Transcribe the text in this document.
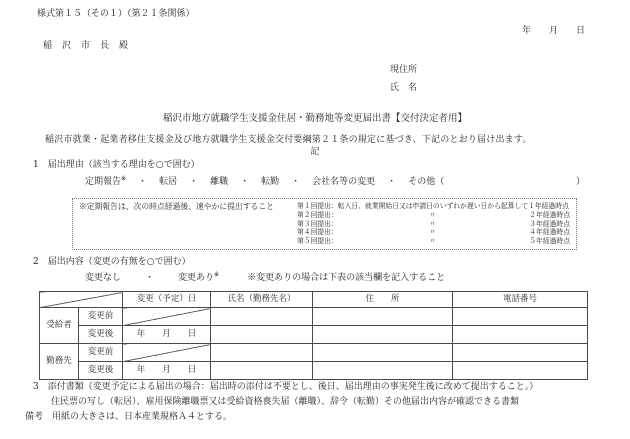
様式第１５（その１）（第２１条関係）
年　　月　　日
稲　沢　市　長　殿
現住所
氏　名
稲沢市地方就職学生支援金住居・勤務地等変更届出書【交付決定者用】
稲沢市就業・起業者移住支援金及び地方就職学生支援金交付要綱第２１条の規定に基づき、下記のとおり届け出ます。
記
1　届出理由（該当する理由を○で囲む）
定期報告※ ・ 転居 ・ 離職 ・ 転勤 ・ 会社名等の変更 ・ その他（	）
※定期報告は、次の時点経過後、速やかに提出すること	第１回提出：転入日、就業開始日又は申請日のいずれか遅い日から起算して１年経過時点
第２回提出：	〃	２年経過時点
第３回提出：	〃	３年経過時点
第４回提出：	〃	４年経過時点
第５回提出：	〃	５年経過時点
2　届出内容（変更の有無を○で囲む）
変更なし	・	変更あり※	※変更ありの場合は下表の該当欄を記入すること
		変更（予定）日	氏名（勤務先名）	住　　所	電話番号
受給者	変更前				
	変更後	年　　月　　日			
勤務先	変更前				
	変更後	年　　月　　日			
3　添付書類（変更予定による届出の場合：届出時の添付は不要とし、後日、届出理由の事実発生後に改めて提出すること。）
住民票の写し（転居）、雇用保険離職票又は受給資格喪失届（離職）、辞令（転勤）その他届出内容が確認できる書類
備考　用紙の大きさは、日本産業規格Ａ４とする。
